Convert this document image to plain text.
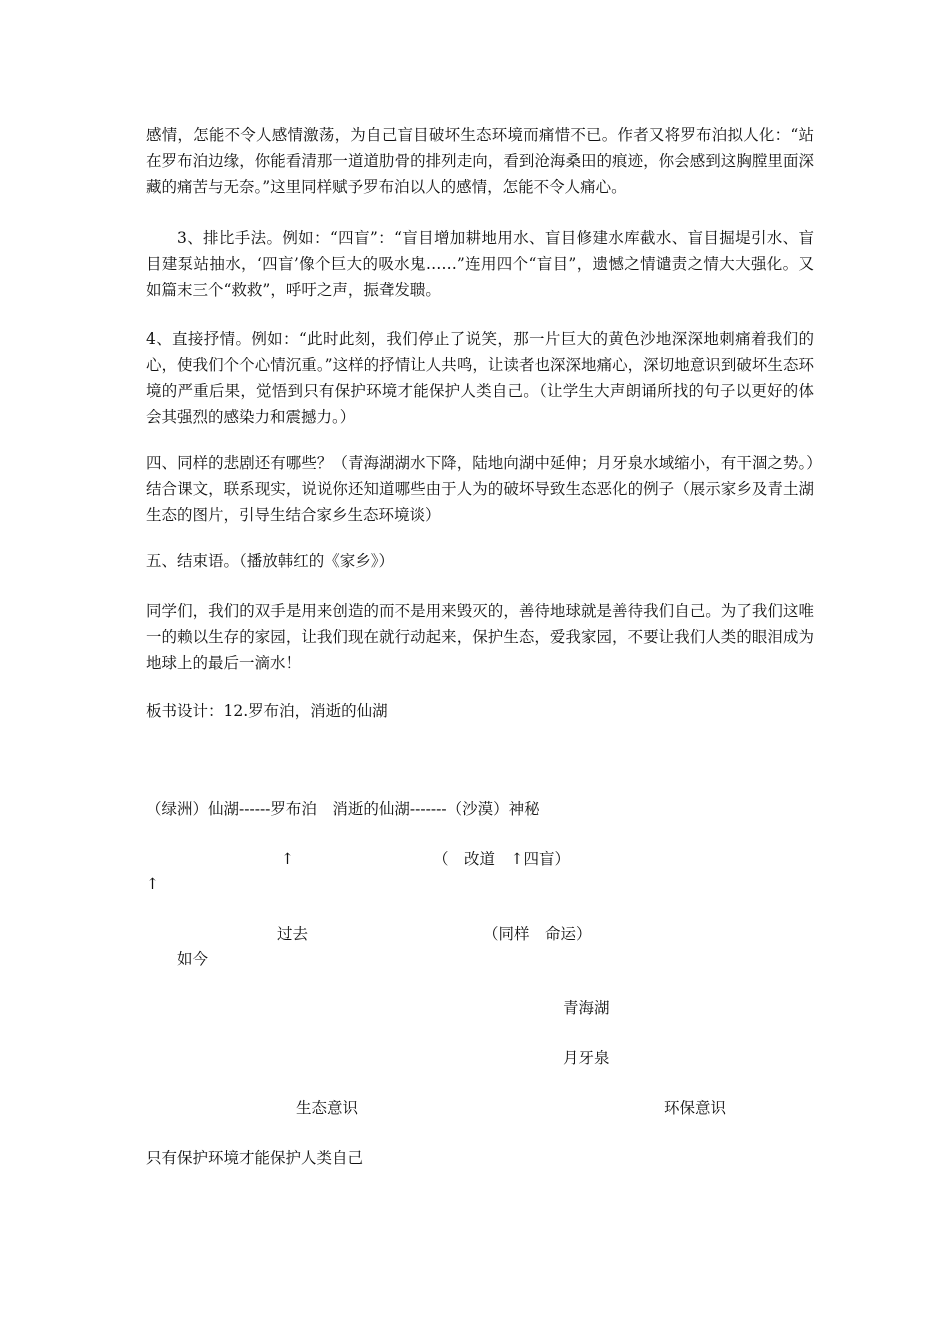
感情，怎能不令人感情激荡，为自己盲目破坏生态环境而痛惜不已。作者又将罗布泊拟人化：“站在罗布泊边缘，你能看清那一道道肋骨的排列走向，看到沧海桑田的痕迹，你会感到这胸膛里面深藏的痛苦与无奈。”这里同样赋予罗布泊以人的感情，怎能不令人痛心。

3、排比手法。例如：“四盲”：“盲目增加耕地用水、盲目修建水库截水、盲目掘堤引水、盲目建泵站抽水，‘四盲’像个巨大的吸水鬼……”连用四个“盲目”，遗憾之情谴责之情大大强化。又如篇末三个“救救”，呼吁之声，振聋发聩。

4、直接抒情。例如：“此时此刻，我们停止了说笑，那一片巨大的黄色沙地深深地刺痛着我们的心，使我们个个心情沉重。”这样的抒情让人共鸣，让读者也深深地痛心，深切地意识到破坏生态环境的严重后果，觉悟到只有保护环境才能保护人类自己。（让学生大声朗诵所找的句子以更好的体会其强烈的感染力和震撼力。）

四、同样的悲剧还有哪些？（青海湖湖水下降，陆地向湖中延伸；月牙泉水域缩小，有干涸之势。）结合课文，联系现实，说说你还知道哪些由于人为的破坏导致生态恶化的例子（展示家乡及青土湖生态的图片，引导生结合家乡生态环境谈）

五、结束语。（播放韩红的《家乡》）

同学们，我们的双手是用来创造的而不是用来毁灭的，善待地球就是善待我们自己。为了我们这唯一的赖以生存的家园，让我们现在就行动起来，保护生态，爱我家园，不要让我们人类的眼泪成为地球上的最后一滴水！

板书设计：12.罗布泊，消逝的仙湖

（绿洲）仙湖------罗布泊　消逝的仙湖-------（沙漠）神秘

↑	（　改道　↑四盲）

↑

过去	（同样　命运）

如今

青海湖

月牙泉

生态意识	环保意识

只有保护环境才能保护人类自己
